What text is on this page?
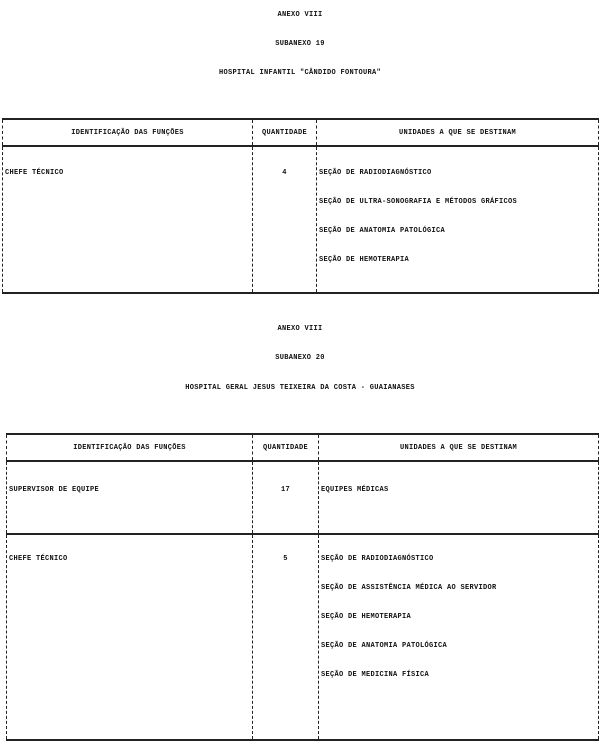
ANEXO VIII
SUBANEXO 19
HOSPITAL INFANTIL "CÂNDIDO FONTOURA"
IDENTIFICAÇÃO DAS FUNÇÕES	QUANTIDADE	UNIDADES A QUE SE DESTINAM

CHEFE TÉCNICO	4	SEÇÃO DE RADIODIAGNÓSTICO
SEÇÃO DE ULTRA-SONOGRAFIA E MÉTODOS GRÁFICOS
SEÇÃO DE ANATOMIA PATOLÓGICA
SEÇÃO DE HEMOTERAPIA
ANEXO VIII
SUBANEXO 20
HOSPITAL GERAL JESUS TEIXEIRA DA COSTA - GUAIANASES
IDENTIFICAÇÃO DAS FUNÇÕES	QUANTIDADE	UNIDADES A QUE SE DESTINAM

SUPERVISOR DE EQUIPE	17	EQUIPES MÉDICAS

CHEFE TÉCNICO	5	SEÇÃO DE RADIODIAGNÓSTICO
SEÇÃO DE ASSISTÊNCIA MÉDICA AO SERVIDOR
SEÇÃO DE HEMOTERAPIA
SEÇÃO DE ANATOMIA PATOLÓGICA
SEÇÃO DE MEDICINA FÍSICA
